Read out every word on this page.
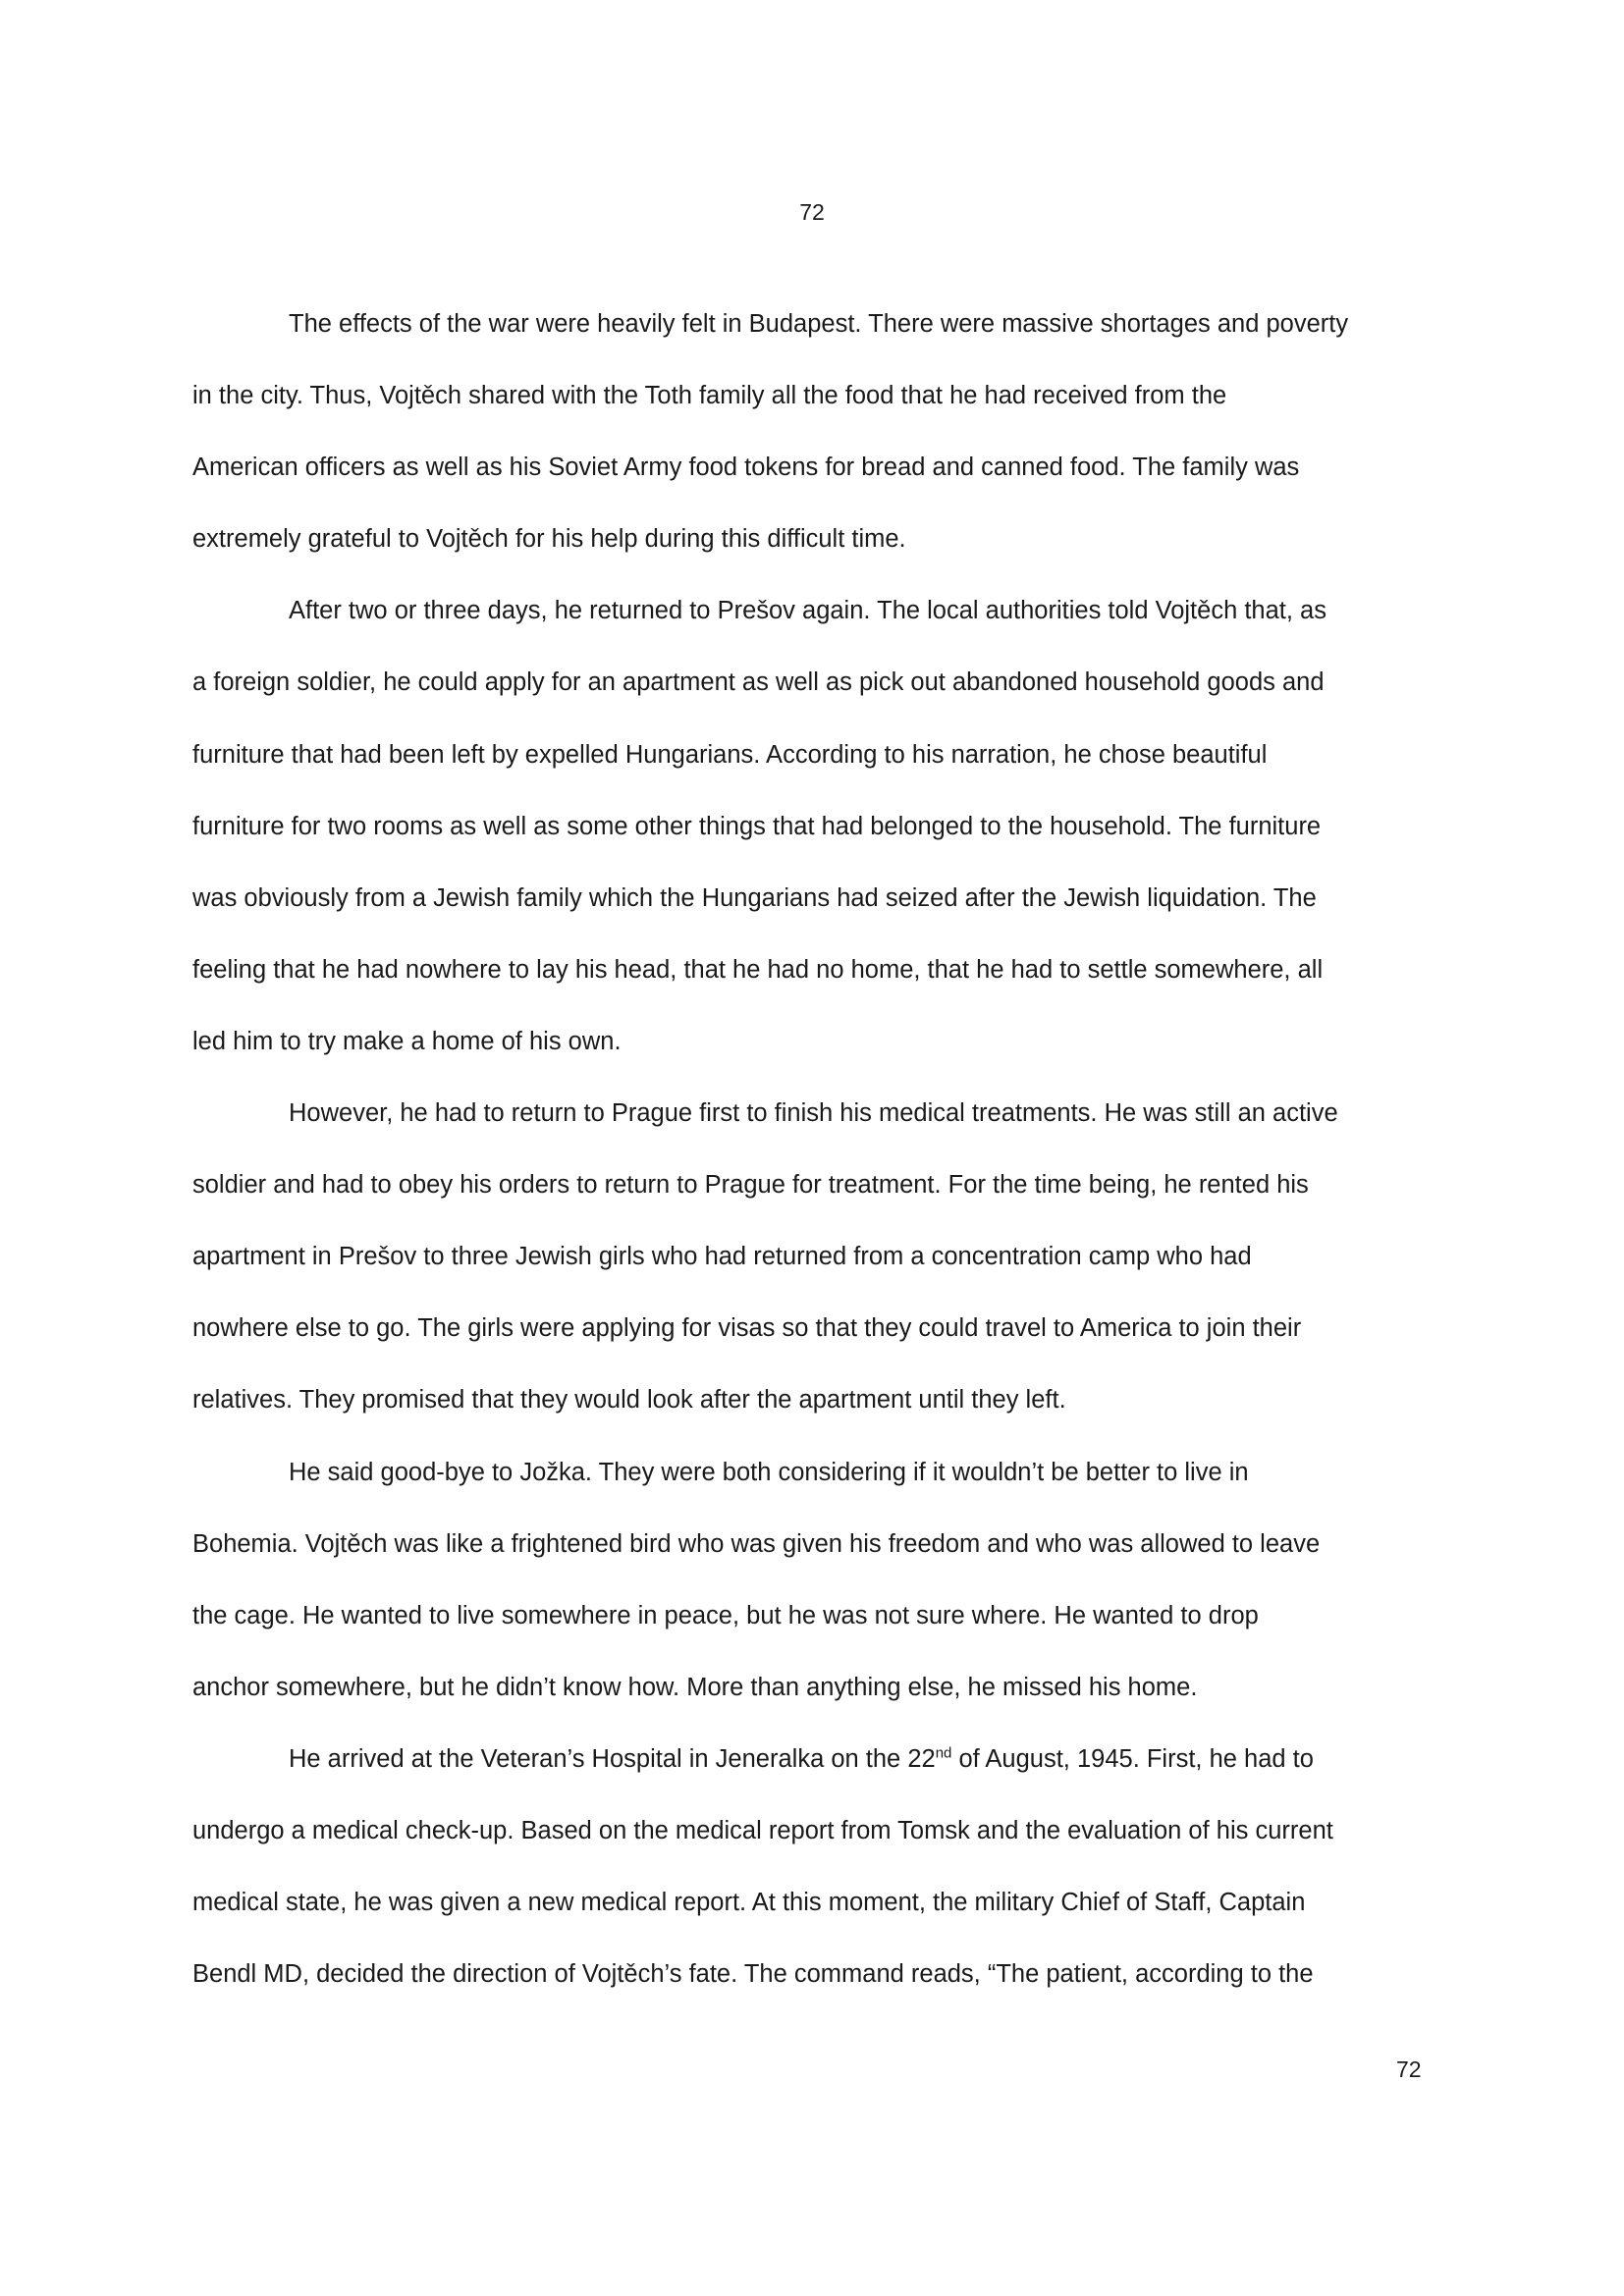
72
The effects of the war were heavily felt in Budapest. There were massive shortages and poverty
in the city. Thus, Vojtěch shared with the Toth family all the food that he had received from the
American officers as well as his Soviet Army food tokens for bread and canned food. The family was
extremely grateful to Vojtěch for his help during this difficult time.
After two or three days, he returned to Prešov again. The local authorities told Vojtěch that, as
a foreign soldier, he could apply for an apartment as well as pick out abandoned household goods and
furniture that had been left by expelled Hungarians. According to his narration, he chose beautiful
furniture for two rooms as well as some other things that had belonged to the household. The furniture
was obviously from a Jewish family which the Hungarians had seized after the Jewish liquidation. The
feeling that he had nowhere to lay his head, that he had no home, that he had to settle somewhere, all
led him to try make a home of his own.
However, he had to return to Prague first to finish his medical treatments. He was still an active
soldier and had to obey his orders to return to Prague for treatment. For the time being, he rented his
apartment in Prešov to three Jewish girls who had returned from a concentration camp who had
nowhere else to go. The girls were applying for visas so that they could travel to America to join their
relatives. They promised that they would look after the apartment until they left.
He said good-bye to Jožka. They were both considering if it wouldn’t be better to live in
Bohemia. Vojtěch was like a frightened bird who was given his freedom and who was allowed to leave
the cage. He wanted to live somewhere in peace, but he was not sure where. He wanted to drop
anchor somewhere, but he didn’t know how. More than anything else, he missed his home.
He arrived at the Veteran’s Hospital in Jeneralka on the 22nd of August, 1945. First, he had to
undergo a medical check-up. Based on the medical report from Tomsk and the evaluation of his current
medical state, he was given a new medical report. At this moment, the military Chief of Staff, Captain
Bendl MD, decided the direction of Vojtěch’s fate. The command reads, “The patient, according to the
72
